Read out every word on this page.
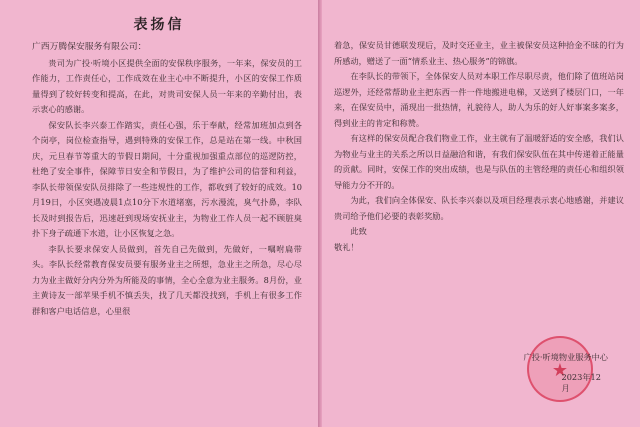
表扬信

广西万腾保安服务有限公司：

贵司为广投·听境小区提供全面的安保秩序服务，一年来，保安员的工作能力，工作责任心，工作成效在业主心中不断提升，小区的安保工作质量得到了较好转变和提高，在此，对贵司安保人员一年来的辛勤付出，表示衷心的感谢。

保安队长李兴泰工作踏实，责任心强，乐于奉献，经常加班加点到各个岗亭，岗位检查指导，遇到特殊的安保工作，总是站在第一线。中秋国庆，元旦春节等重大的节假日期间，十分重视加强重点部位的巡逻防控，杜绝了安全事件，保障节日安全和节假日，为了维护公司的信誉和利益，李队长带领保安队员排除了一些违规性的工作，都收到了较好的成效。10月19日，小区突遇凌晨1点10分下水道堵塞，污水漫流，臭气扑鼻，李队长及时到报告后，迅速赶到现场安抚业主，为物业工作人员一起不顾脏臭扑下身子疏通下水道，让小区恢复之急。

李队长要求保安人员做到，首先自己先做到，先做好，一嘱咐扁带头。李队长经常教育保安员要有服务业主之所想，急业主之所急，尽心尽力为业主做好分内分外为所能及的事情，全心全意为业主服务。8月份，业主黄诗友一部苹果手机不慎丢失，找了几天都没找到，手机上有很多工作群和客户电话信息，心里很

着急，保安员甘德联发现后，及时交还业主，业主被保安员这种拾金不昧的行为所感动，赠送了一面“情系业主、热心服务”的锦旗。

在李队长的带领下，全体保安人员对本职工作尽职尽责，他们除了值班站岗巡逻外，还经常帮助业主把东西一件一件地搬进电梯，又送到了楼层门口，一年来，在保安员中，涌现出一批热情，礼貌待人，助人为乐的好人好事案多案多，得到业主的肯定和称赞。

有这样的保安员配合我们物业工作，业主就有了温暖舒适的安全感，我们认为物业与业主的关系之所以日益融洽和谐，有我们保安队伍在其中传递着正能量的贡献。同时，安保工作的突出成绩，也是与队伍的主管经理的责任心和组织领导能力分不开的。

为此，我们向全体保安、队长李兴泰以及项目经理表示衷心地感谢，并建议贵司给予他们必要的表彰奖励。

此致

敬礼！

★
广投·听境物业服务中心
2023年12月
